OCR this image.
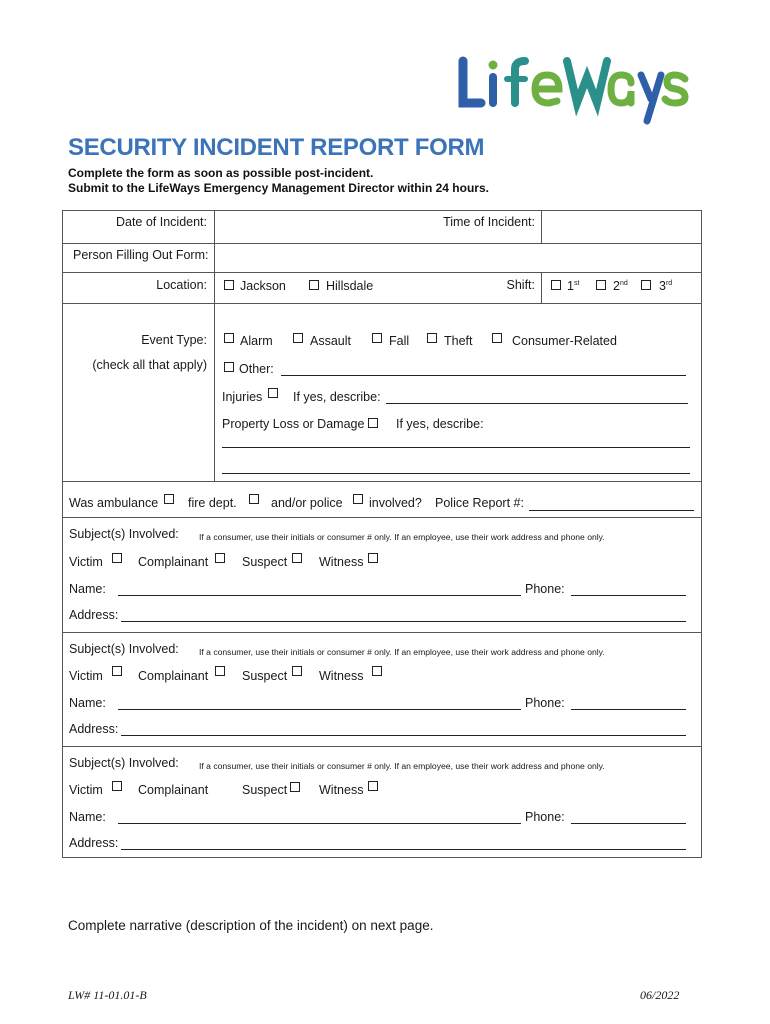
SECURITY INCIDENT REPORT FORM
Complete the form as soon as possible post-incident.
Submit to the LifeWays Emergency Management Director within 24 hours.
Date of Incident:	Time of Incident:
Person Filling Out Form:
Location:	Jackson	Hillsdale	Shift:	1st	2nd	3rd
Event Type:
(check all that apply)
Alarm	Assault	Fall	Theft	Consumer-Related
Other:
Injuries If yes, describe:
Property Loss or Damage	If yes, describe:
Was ambulance fire dept.	and/or police involved? Police Report #:
Subject(s) Involved: If a consumer, use their initials or consumer # only. If an employee, use their work address and phone only.
Victim	Complainant	Suspect	Witness
Name:	Phone:
Address:
Subject(s) Involved: If a consumer, use their initials or consumer # only. If an employee, use their work address and phone only.
Victim	Complainant	Suspect	Witness
Name:	Phone:
Address:
Subject(s) Involved: If a consumer, use their initials or consumer # only. If an employee, use their work address and phone only.
Victim	Complainant	Suspect	Witness
Name:	Phone:
Address:
Complete narrative (description of the incident) on next page.
LW# 11-01.01-B	06/2022
